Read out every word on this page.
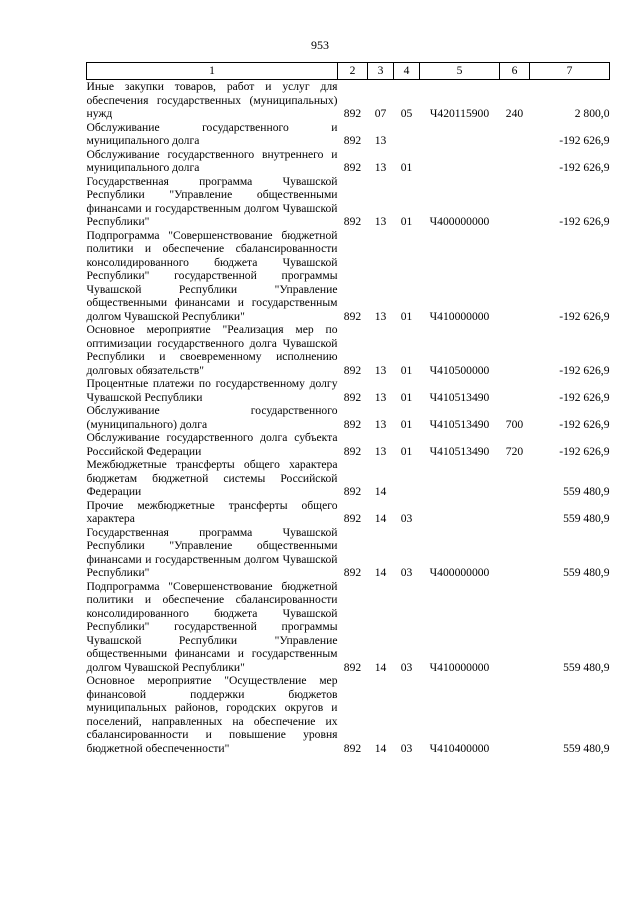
953
1	2	3	4	5	6	7
Иные закупки товаров, работ и услуг для обеспечения государственных (муниципальных) нужд	892	07	05	Ч420115900	240	2 800,0
Обслуживание государственного и муниципального долга	892	13				-192 626,9
Обслуживание государственного внутреннего и муниципального долга	892	13	01			-192 626,9
Государственная программа Чувашской Республики "Управление общественными финансами и государственным долгом Чувашской Республики"	892	13	01	Ч400000000		-192 626,9
Подпрограмма "Совершенствование бюджетной политики и обеспечение сбалансированности консолидированного бюджета Чувашской Республики" государственной программы Чувашской Республики "Управление общественными финансами и государственным долгом Чувашской Республики"	892	13	01	Ч410000000		-192 626,9
Основное мероприятие "Реализация мер по оптимизации государственного долга Чувашской Республики и своевременному исполнению долговых обязательств"	892	13	01	Ч410500000		-192 626,9
Процентные платежи по государственному долгу Чувашской Республики	892	13	01	Ч410513490		-192 626,9
Обслуживание государственного (муниципального) долга	892	13	01	Ч410513490	700	-192 626,9
Обслуживание государственного долга субъекта Российской Федерации	892	13	01	Ч410513490	720	-192 626,9
Межбюджетные трансферты общего характера бюджетам бюджетной системы Российской Федерации	892	14				559 480,9
Прочие межбюджетные трансферты общего характера	892	14	03			559 480,9
Государственная программа Чувашской Республики "Управление общественными финансами и государственным долгом Чувашской Республики"	892	14	03	Ч400000000		559 480,9
Подпрограмма "Совершенствование бюджетной политики и обеспечение сбалансированности консолидированного бюджета Чувашской Республики" государственной программы Чувашской Республики "Управление общественными финансами и государственным долгом Чувашской Республики"	892	14	03	Ч410000000		559 480,9
Основное мероприятие "Осуществление мер финансовой поддержки бюджетов муниципальных районов, городских округов и поселений, направленных на обеспечение их сбалансированности и повышение уровня бюджетной обеспеченности"	892	14	03	Ч410400000		559 480,9
